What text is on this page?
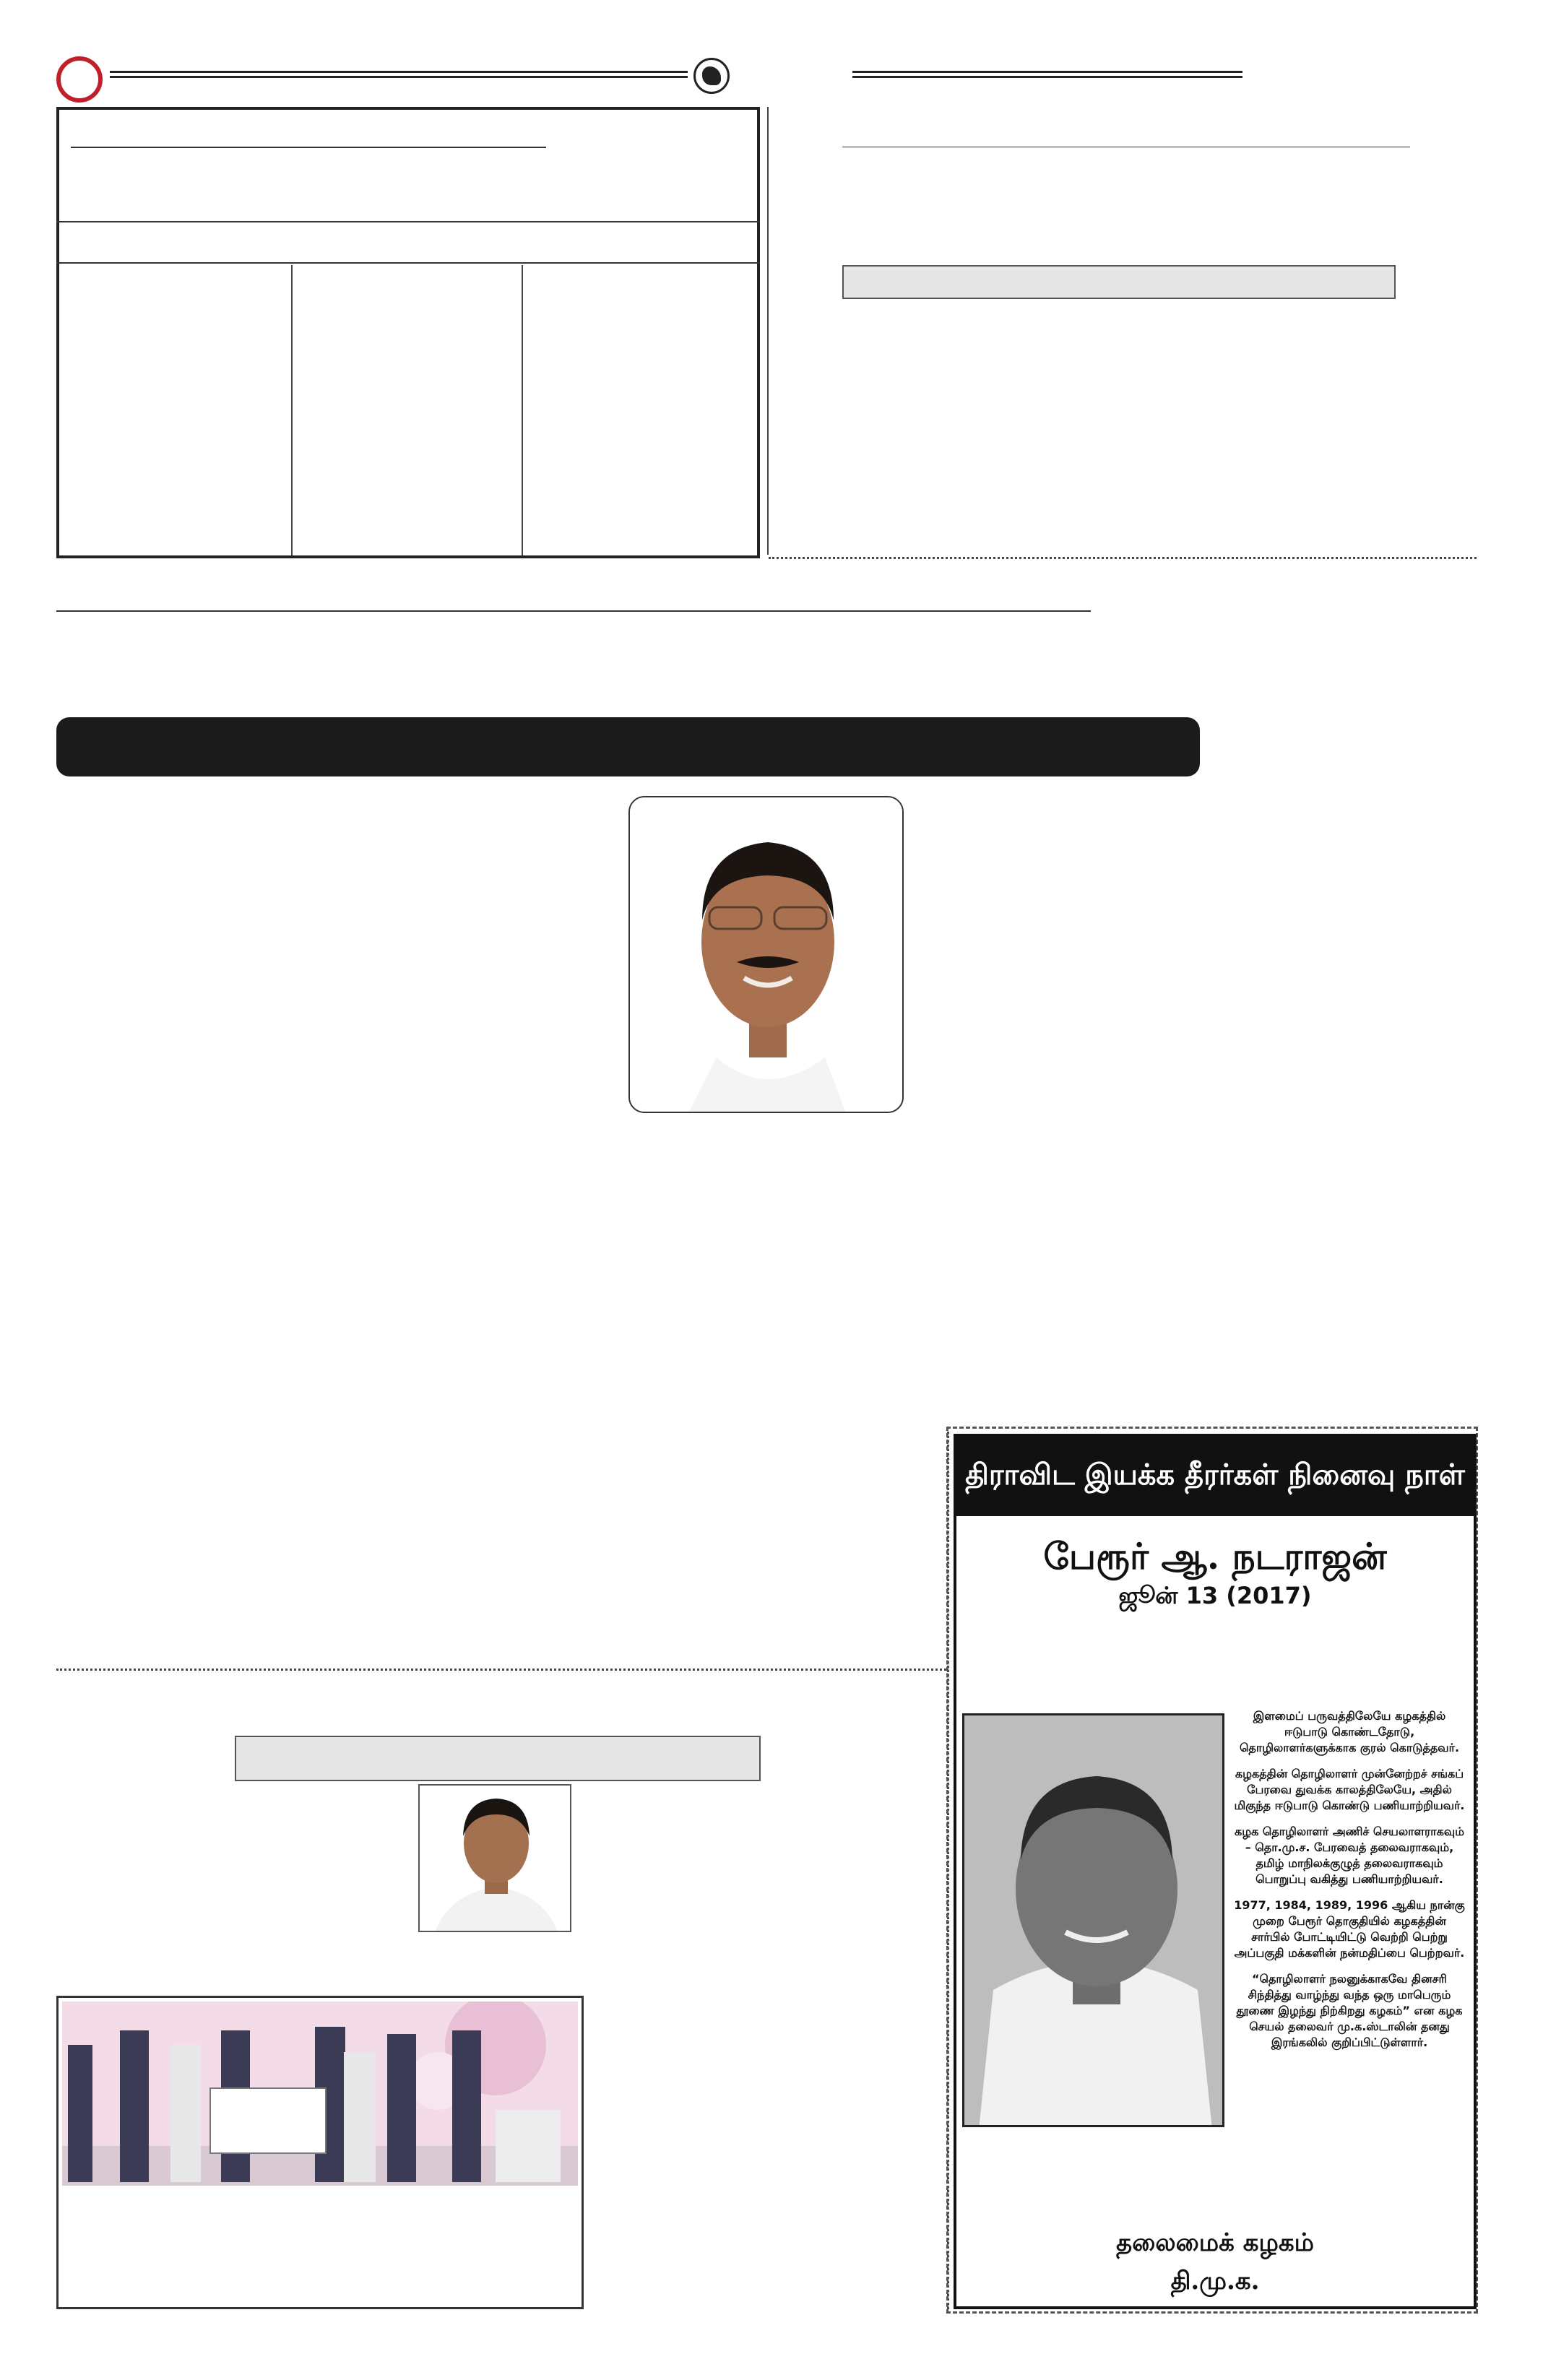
திராவிட இயக்க தீரர்கள் நினைவு நாள்
பேரூர் ஆ. நடராஜன்
ஜூன் 13 (2017)

இளமைப் பருவத்திலேயே கழகத்தில் ஈடுபாடு கொண்டதோடு, தொழிலாளர்களுக்காக குரல் கொடுத்தவர்.

கழகத்தின் தொழிலாளர் முன்னேற்றச் சங்கப் பேரவை துவக்க காலத்திலேயே, அதில் மிகுந்த ஈடுபாடு கொண்டு பணியாற்றியவர்.

கழக தொழிலாளர் அணிச் செயலாளராகவும் – தொ.மு.ச. பேரவைத் தலைவராகவும், தமிழ் மாநிலக்குழுத் தலைவராகவும் பொறுப்பு வகித்து பணியாற்றியவர்.

1977, 1984, 1989, 1996 ஆகிய நான்கு முறை பேரூர் தொகுதியில் கழகத்தின் சார்பில் போட்டியிட்டு வெற்றி பெற்று அப்பகுதி மக்களின் நன்மதிப்பை பெற்றவர்.

“தொழிலாளர் நலனுக்காகவே தினசரி சிந்தித்து வாழ்ந்து வந்த ஒரு மாபெரும் தூணை இழந்து நிற்கிறது கழகம்” என கழக செயல் தலைவர் மு.க.ஸ்டாலின் தனது இரங்கலில் குறிப்பிட்டுள்ளார்.

தலைமைக் கழகம்
தி.மு.க.
